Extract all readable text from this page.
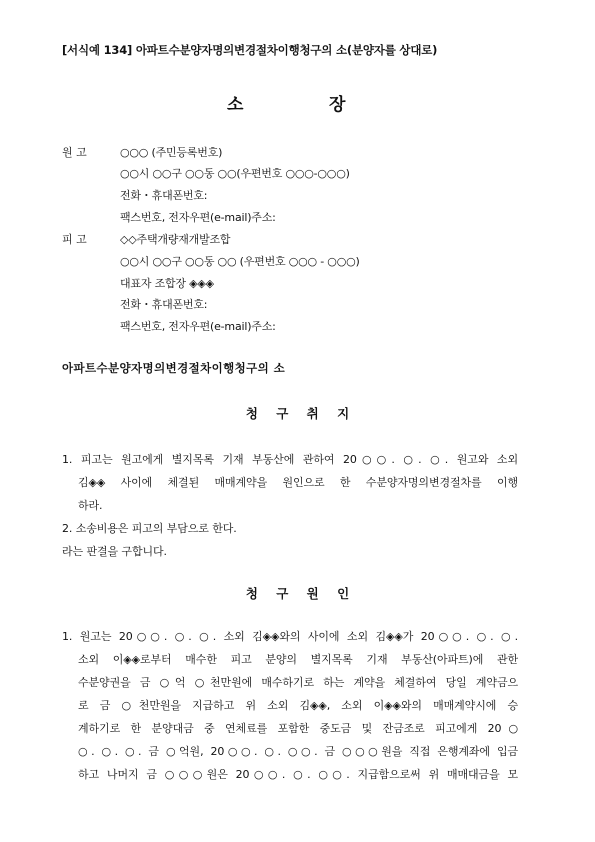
[서식예 134] 아파트수분양자명의변경절차이행청구의 소(분양자를 상대로)
소	장
원 고	○○○ (주민등록번호)
○○시 ○○구 ○○동 ○○(우편번호 ○○○-○○○)
전화・휴대폰번호:
팩스번호, 전자우편(e-mail)주소:
피 고	◇◇주택개량재개발조합
○○시 ○○구 ○○동 ○○ (우편번호 ○○○ - ○○○)
대표자 조합장 ◈◈◈
전화・휴대폰번호:
팩스번호, 전자우편(e-mail)주소:
아파트수분양자명의변경절차이행청구의 소
청 구 취 지
1. 피고는 원고에게 별지목록 기재 부동산에 관하여 20○○. ○. ○. 원고와 소외
김◈◈ 사이에 체결된 매매계약을 원인으로 한 수분양자명의변경절차를 이행
하라.
2. 소송비용은 피고의 부담으로 한다.
라는 판결을 구합니다.
청 구 원 인
1. 원고는 20○○. ○. ○. 소외 김◈◈와의 사이에 소외 김◈◈가 20○○. ○. ○.
소외 이◈◈로부터 매수한 피고 분양의 별지목록 기재 부동산(아파트)에 관한
수분양권을 금 ○억 ○천만원에 매수하기로 하는 계약을 체결하여 당일 계약금으
로 금 ○천만원을 지급하고 위 소외 김◈◈, 소외 이◈◈와의 매매계약시에 승
계하기로 한 분양대금 중 연체료를 포함한 중도금 및 잔금조로 피고에게 20○
○. ○. ○. 금 ○억원, 20○○. ○. ○○. 금 ○○○원을 직접 은행계좌에 입금
하고 나머지 금 ○○○원은 20○○. ○. ○○. 지급함으로써 위 매매대금을 모
